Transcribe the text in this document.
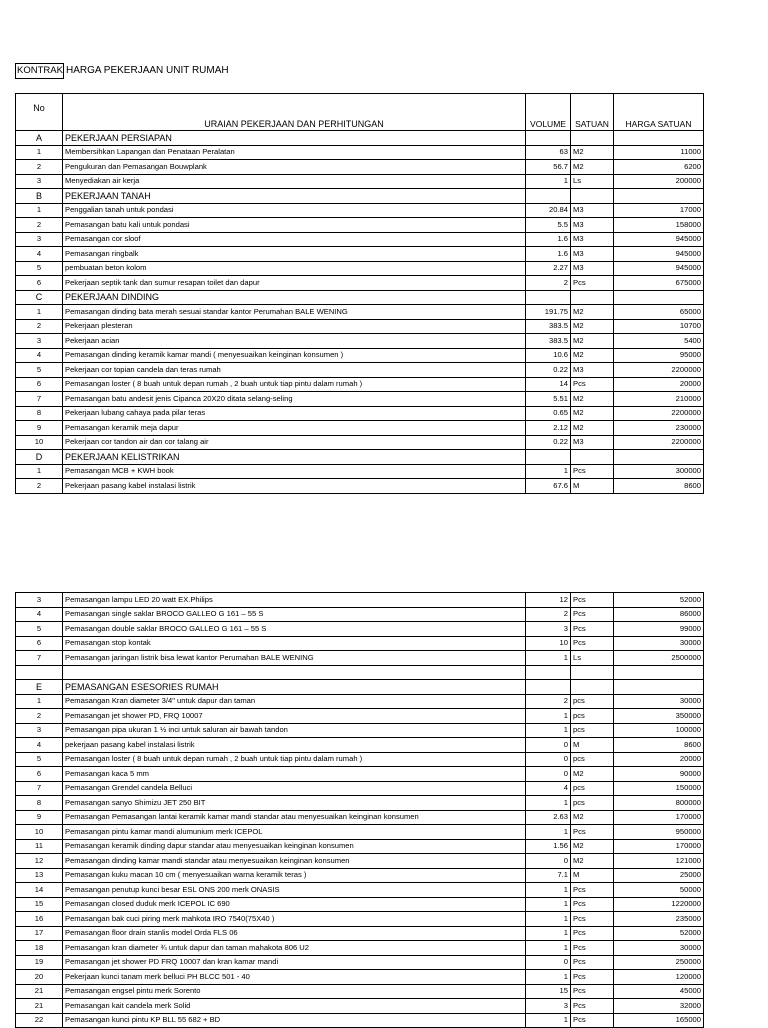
KONTRAK HARGA PEKERJAAN UNIT RUMAH
No	URAIAN PEKERJAAN DAN PERHITUNGAN	VOLUME	SATUAN	HARGA SATUAN
A	PEKERJAAN PERSIAPAN			
1	Membersihkan Lapangan dan Penataan Peralatan	63	M2	11000
2	Pengukuran dan Pemasangan Bouwplank	56.7	M2	6200
3	Menyediakan air kerja	1	Ls	200000
B	PEKERJAAN TANAH			
1	Penggalian tanah untuk pondasi	20.84	M3	17000
2	Pemasangan batu kali untuk pondasi	5.5	M3	158000
3	Pemasangan cor sloof	1.6	M3	945000
4	Pemasangan ringbalk	1.6	M3	945000
5	pembuatan beton kolom	2.27	M3	945000
6	Pekerjaan septik tank dan sumur resapan toilet dan dapur	2	Pcs	675000
C	PEKERJAAN DINDING			
1	Pemasangan dinding bata merah sesuai standar kantor Perumahan BALE WENING	191.75	M2	65000
2	Pekerjaan plesteran	383.5	M2	10700
3	Pekerjaan acian	383.5	M2	5400
4	Pemasangan dinding keramik kamar mandi ( menyesuaikan keinginan konsumen )	10.6	M2	95000
5	Pekerjaan cor topian candela dan teras rumah	0.22	M3	2200000
6	Pemasangan loster ( 8 buah untuk depan rumah , 2 buah untuk tiap pintu dalam rumah )	14	Pcs	20000
7	Pemasangan batu andesit jenis Cipanca 20X20 ditata selang-seling	5.51	M2	210000
8	Pekerjaan lubang cahaya pada pilar teras	0.65	M2	2200000
9	Pemasangan keramik meja dapur	2.12	M2	230000
10	Pekerjaan cor tandon air dan cor talang air	0.22	M3	2200000
D	PEKERJAAN KELISTRIKAN			
1	Pemasangan MCB + KWH book	1	Pcs	300000
2	Pekerjaan pasang kabel instalasi listrik	67.6	M	8600
3	Pemasangan lampu LED 20 watt EX.Philips	12	Pcs	52000
4	Pemasangan single saklar BROCO GALLEO G 161 – 55 S	2	Pcs	86000
5	Pemasangan double saklar BROCO GALLEO G 161 – 55 S	3	Pcs	99000
6	Pemasangan stop kontak	10	Pcs	30000
7	Pemasangan jaringan listrik bisa lewat kantor Perumahan BALE WENING	1	Ls	2500000

E	PEMASANGAN ESESORIES RUMAH			
1	Pemasangan Kran diameter 3/4" untuk dapur dan taman	2	pcs	30000
2	Pemasangan jet shower PD, FRQ 10007	1	pcs	350000
3	Pemasangan pipa ukuran 1 ½ inci untuk saluran air bawah tandon	1	pcs	100000
4	pekerjaan pasang kabel instalasi listrik	0	M	8600
5	Pemasangan loster ( 8 buah untuk depan rumah , 2 buah untuk tiap pintu dalam rumah )	0	pcs	20000
6	Pemasangan kaca 5 mm	0	M2	90000
7	Pemasangan Grendel candela Belluci	4	pcs	150000
8	Pemasangan sanyo Shimizu JET 250 BIT	1	pcs	800000
9	Pemasangan Pemasangan lantai keramik kamar mandi standar atau menyesuaikan keinginan konsumen	2.63	M2	170000
10	Pemasangan pintu kamar mandi alumunium merk ICEPOL	1	Pcs	950000
11	Pemasangan keramik dinding dapur standar atau menyesuaikan keinginan konsumen	1.56	M2	170000
12	Pemasangan dinding kamar mandi standar atau menyesuaikan keinginan konsumen	0	M2	121000
13	Pemasangan kuku macan 10 cm ( menyesuaikan warna keramik teras )	7.1	M	25000
14	Pemasangan penutup kunci besar ESL ONS 200 merk ONASIS	1	Pcs	50000
15	Pemasangan closed duduk merk ICEPOL IC 690	1	Pcs	1220000
16	Pemasangan bak cuci piring merk mahkota IRO 7540(75X40 )	1	Pcs	235000
17	Pemasangan floor drain stanlis model Orda FLS 06	1	Pcs	52000
18	Pemasangan kran diameter ¾ untuk dapur dan taman mahakota 806 U2	1	Pcs	30000
19	Pemasangan jet shower PD FRQ 10007 dan kran kamar mandi	0	Pcs	250000
20	Pekerjaan kunci tanam merk belluci PH BLCC 501 - 40	1	Pcs	120000
21	Pemasangan engsel pintu merk Sorento	15	Pcs	45000
21	Pemasangan kait candela merk Solid	3	Pcs	32000
22	Pemasangan kunci pintu KP BLL 55 682 + BD	1	Pcs	165000
